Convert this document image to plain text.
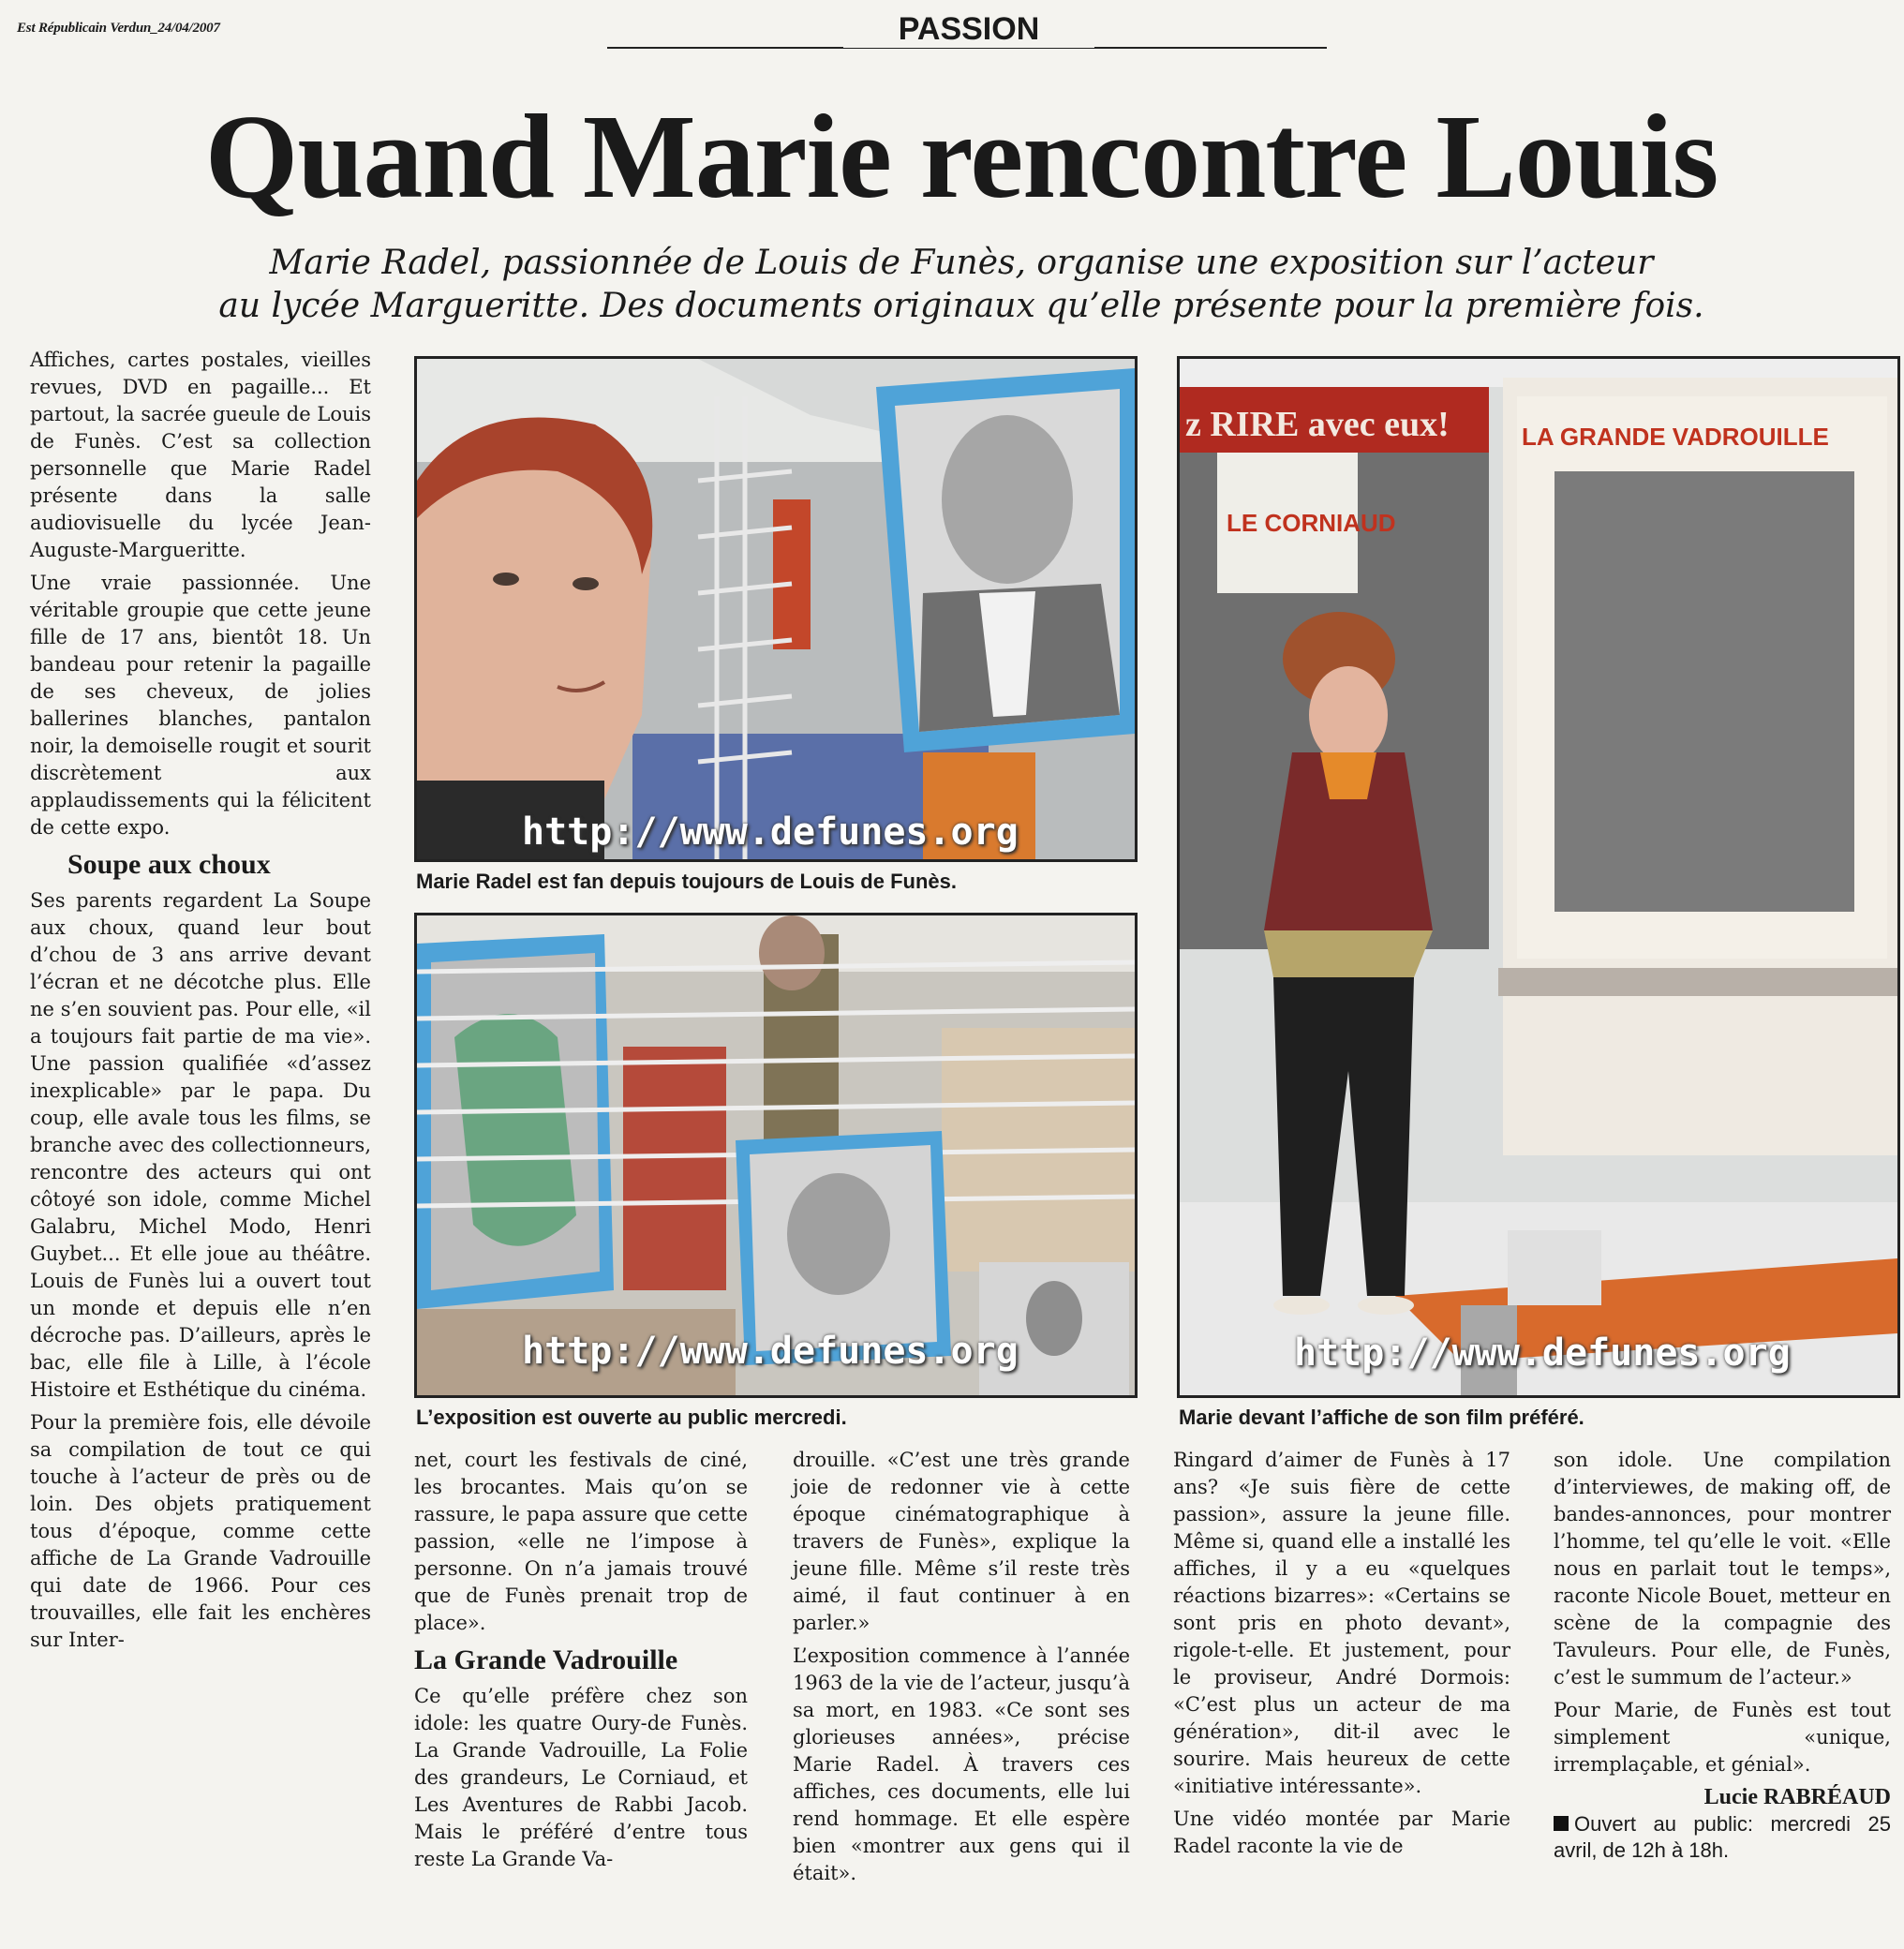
Est Républicain Verdun_24/04/2007	PASSION
Quand Marie rencontre Louis
Marie Radel, passionnée de Louis de Funès, organise une exposition sur l’acteur
au lycée Margueritte. Des documents originaux qu’elle présente pour la première fois.

Affiches, cartes postales, vieilles revues, DVD en pagaille... Et partout, la sacrée gueule de Louis de Funès. C’est sa collection personnelle que Marie Radel présente dans la salle audiovisuelle du lycée Jean-Auguste-Margueritte.

Une vraie passionnée. Une véritable groupie que cette jeune fille de 17 ans, bientôt 18. Un bandeau pour retenir la pagaille de ses cheveux, de jolies ballerines blanches, pantalon noir, la demoiselle rougit et sourit discrètement aux applaudissements qui la félicitent de cette expo.

Soupe aux choux

Ses parents regardent La Soupe aux choux, quand leur bout d’chou de 3 ans arrive devant l’écran et ne décotche plus. Elle ne s’en souvient pas. Pour elle, «il a toujours fait partie de ma vie». Une passion qualifiée «d’assez inexplicable» par le papa. Du coup, elle avale tous les films, se branche avec des collectionneurs, rencontre des acteurs qui ont côtoyé son idole, comme Michel Galabru, Michel Modo, Henri Guybet... Et elle joue au théâtre. Louis de Funès lui a ouvert tout un monde et depuis elle n’en décroche pas. D’ailleurs, après le bac, elle file à Lille, à l’école Histoire et Esthétique du cinéma.

Pour la première fois, elle dévoile sa compilation de tout ce qui touche à l’acteur de près ou de loin. Des objets pratiquement tous d’époque, comme cette affiche de La Grande Vadrouille qui date de 1966. Pour ces trouvailles, elle fait les enchères sur Inter-

http://www.defunes.org
Marie Radel est fan depuis toujours de Louis de Funès.
http://www.defunes.org
L’exposition est ouverte au public mercredi.
z RIRE avec eux!
LE CORNIAUD
LA GRANDE VADROUILLE
http://www.defunes.org
Marie devant l’affiche de son film préféré.

net, court les festivals de ciné, les brocantes. Mais qu’on se rassure, le papa assure que cette passion, «elle ne l’impose à personne. On n’a jamais trouvé que de Funès prenait trop de place».

La Grande Vadrouille

Ce qu’elle préfère chez son idole: les quatre Oury-de Funès. La Grande Vadrouille, La Folie des grandeurs, Le Corniaud, et Les Aventures de Rabbi Jacob. Mais le préféré d’entre tous reste La Grande Va-

drouille. «C’est une très grande joie de redonner vie à cette époque cinématographique à travers de Funès», explique la jeune fille. Même s’il reste très aimé, il faut continuer à en parler.»

L’exposition commence à l’année 1963 de la vie de l’acteur, jusqu’à sa mort, en 1983. «Ce sont ses glorieuses années», précise Marie Radel. À travers ces affiches, ces documents, elle lui rend hommage. Et elle espère bien «montrer aux gens qui il était».

Ringard d’aimer de Funès à 17 ans? «Je suis fière de cette passion», assure la jeune fille. Même si, quand elle a installé les affiches, il y a eu «quelques réactions bizarres»: «Certains se sont pris en photo devant», rigole-t-elle. Et justement, pour le proviseur, André Dormois: «C’est plus un acteur de ma génération», dit-il avec le sourire. Mais heureux de cette «initiative intéressante».

Une vidéo montée par Marie Radel raconte la vie de

son idole. Une compilation d’interviewes, de making off, de bandes-annonces, pour montrer l’homme, tel qu’elle le voit. «Elle nous en parlait tout le temps», raconte Nicole Bouet, metteur en scène de la compagnie des Tavuleurs. Pour elle, de Funès, c’est le summum de l’acteur.»

Pour Marie, de Funès est tout simplement «unique, irremplaçable, et génial».

Lucie RABRÉAUD
Ouvert au public: mercredi 25 avril, de 12h à 18h.
